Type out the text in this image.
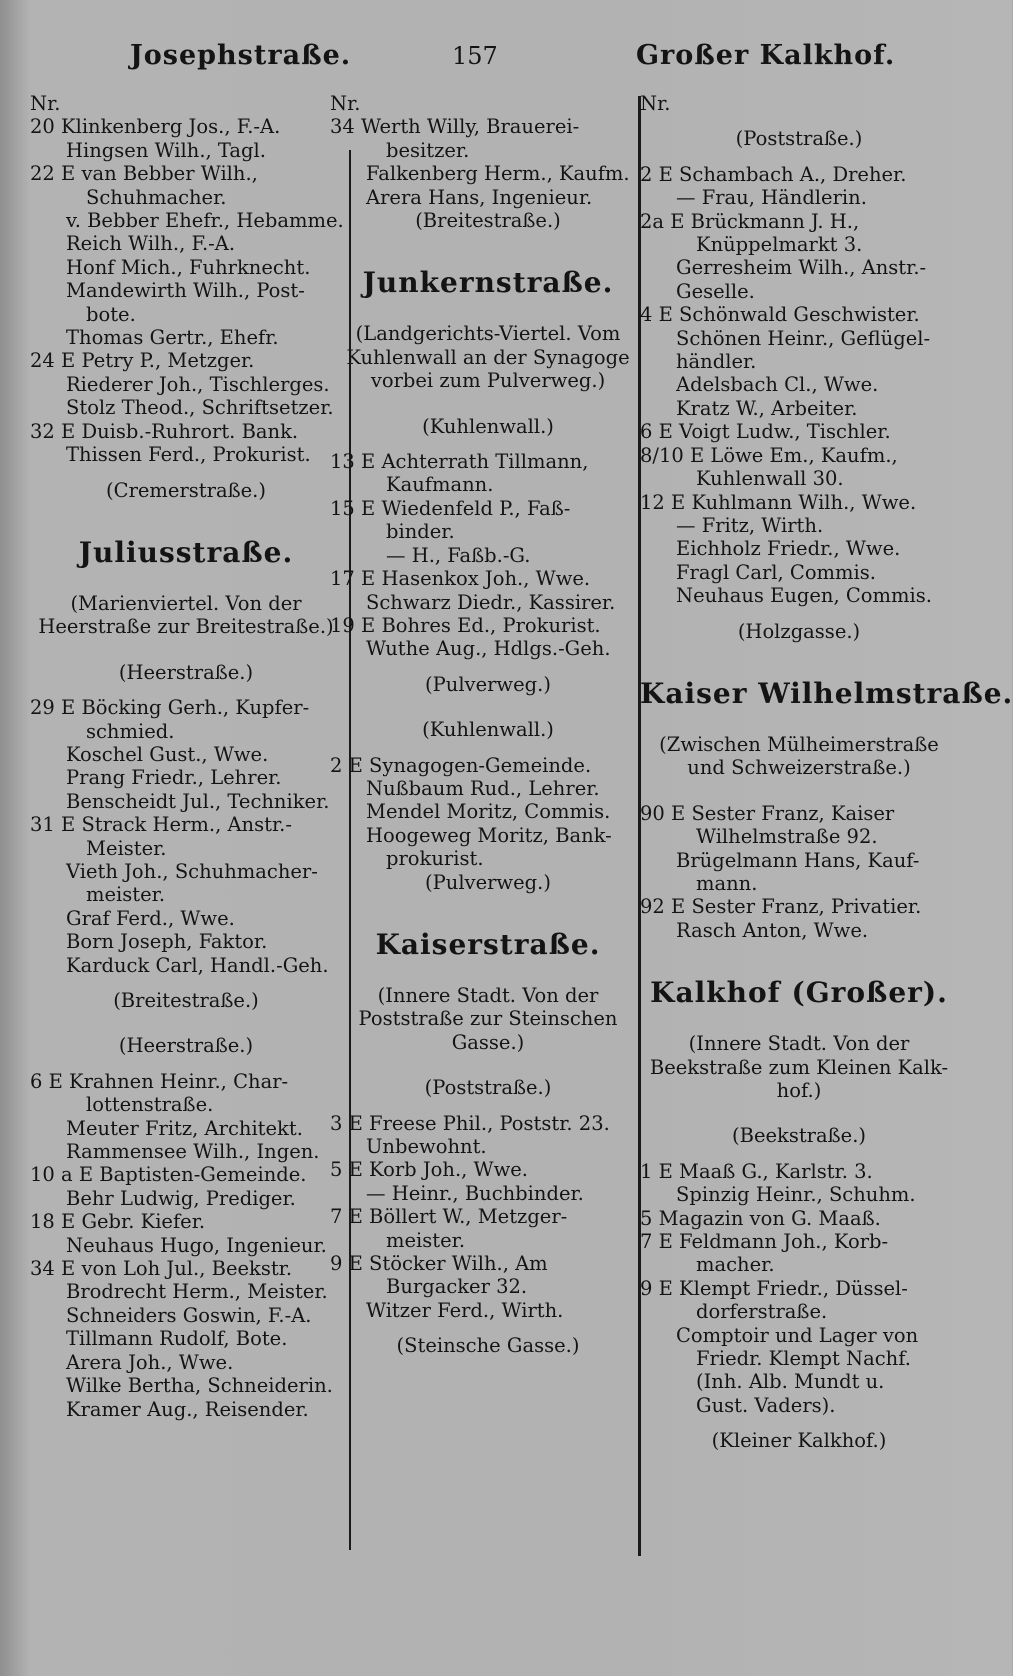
Josephstraße.	157	Großer Kalkhof.
Nr.
20 Klinkenberg Jos., F.-A.
Hingsen Wilh., Tagl.
22 E van Bebber Wilh.,
Schuhmacher.
v. Bebber Ehefr., Hebamme.
Reich Wilh., F.-A.
Honf Mich., Fuhrknecht.
Mandewirth Wilh., Post-
bote.
Thomas Gertr., Ehefr.
24 E Petry P., Metzger.
Riederer Joh., Tischlerges.
Stolz Theod., Schriftsetzer.
32 E Duisb.-Ruhrort. Bank.
Thissen Ferd., Prokurist.
(Cremerstraße.)
Juliusstraße.
(Marienviertel. Von der
Heerstraße zur Breitestraße.)
(Heerstraße.)
29 E Böcking Gerh., Kupfer-
schmied.
Koschel Gust., Wwe.
Prang Friedr., Lehrer.
Benscheidt Jul., Techniker.
31 E Strack Herm., Anstr.-
Meister.
Vieth Joh., Schuhmacher-
meister.
Graf Ferd., Wwe.
Born Joseph, Faktor.
Karduck Carl, Handl.-Geh.
(Breitestraße.)
(Heerstraße.)
6 E Krahnen Heinr., Char-
lottenstraße.
Meuter Fritz, Architekt.
Rammensee Wilh., Ingen.
10 a E Baptisten-Gemeinde.
Behr Ludwig, Prediger.
18 E Gebr. Kiefer.
Neuhaus Hugo, Ingenieur.
34 E von Loh Jul., Beekstr.
Brodrecht Herm., Meister.
Schneiders Goswin, F.-A.
Tillmann Rudolf, Bote.
Arera Joh., Wwe.
Wilke Bertha, Schneiderin.
Kramer Aug., Reisender.
Nr.
34 Werth Willy, Brauerei-
besitzer.
Falkenberg Herm., Kaufm.
Arera Hans, Ingenieur.
(Breitestraße.)
Junkernstraße.
(Landgerichts-Viertel. Vom
Kuhlenwall an der Synagoge
vorbei zum Pulverweg.)
(Kuhlenwall.)
13 E Achterrath Tillmann,
Kaufmann.
15 E Wiedenfeld P., Faß-
binder.
— H., Faßb.-G.
17 E Hasenkox Joh., Wwe.
Schwarz Diedr., Kassirer.
19 E Bohres Ed., Prokurist.
Wuthe Aug., Hdlgs.-Geh.
(Pulverweg.)
(Kuhlenwall.)
2 E Synagogen-Gemeinde.
Nußbaum Rud., Lehrer.
Mendel Moritz, Commis.
Hoogeweg Moritz, Bank-
prokurist.
(Pulverweg.)
Kaiserstraße.
(Innere Stadt. Von der
Poststraße zur Steinschen
Gasse.)
(Poststraße.)
3 E Freese Phil., Poststr. 23.
Unbewohnt.
5 E Korb Joh., Wwe.
— Heinr., Buchbinder.
7 E Böllert W., Metzger-
meister.
9 E Stöcker Wilh., Am
Burgacker 32.
Witzer Ferd., Wirth.
(Steinsche Gasse.)
Nr.
(Poststraße.)
2 E Schambach A., Dreher.
— Frau, Händlerin.
2a E Brückmann J. H.,
Knüppelmarkt 3.
Gerresheim Wilh., Anstr.-
Geselle.
4 E Schönwald Geschwister.
Schönen Heinr., Geflügel-
händler.
Adelsbach Cl., Wwe.
Kratz W., Arbeiter.
6 E Voigt Ludw., Tischler.
8/10 E Löwe Em., Kaufm.,
Kuhlenwall 30.
12 E Kuhlmann Wilh., Wwe.
— Fritz, Wirth.
Eichholz Friedr., Wwe.
Fragl Carl, Commis.
Neuhaus Eugen, Commis.
(Holzgasse.)
Kaiser Wilhelmstraße.
(Zwischen Mülheimerstraße
und Schweizerstraße.)
90 E Sester Franz, Kaiser
Wilhelmstraße 92.
Brügelmann Hans, Kauf-
mann.
92 E Sester Franz, Privatier.
Rasch Anton, Wwe.
Kalkhof (Großer).
(Innere Stadt. Von der
Beekstraße zum Kleinen Kalk-
hof.)
(Beekstraße.)
1 E Maaß G., Karlstr. 3.
Spinzig Heinr., Schuhm.
5 Magazin von G. Maaß.
7 E Feldmann Joh., Korb-
macher.
9 E Klempt Friedr., Düssel-
dorferstraße.
Comptoir und Lager von
Friedr. Klempt Nachf.
(Inh. Alb. Mundt u.
Gust. Vaders).
(Kleiner Kalkhof.)
